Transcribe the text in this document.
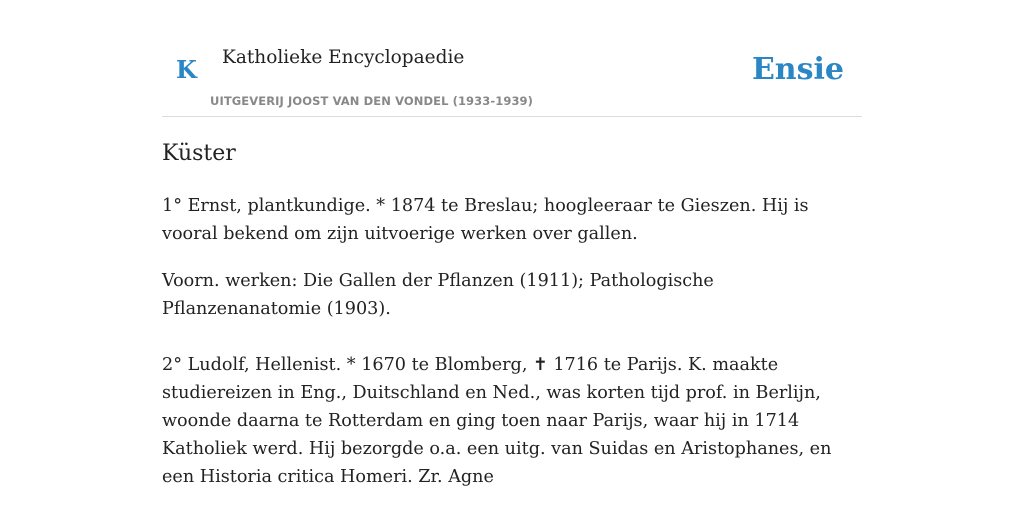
K Katholieke Encyclopaedie
UITGEVERIJ JOOST VAN DEN VONDEL (1933-1939)
Ensie
Küster

1° Ernst, plantkundige. * 1874 te Breslau; hoogleeraar te Gieszen. Hij is vooral bekend om zijn uitvoerige werken over gallen.

Voorn. werken: Die Gallen der Pflanzen (1911); Pathologische Pflanzenanatomie (1903).

2° Ludolf, Hellenist. * 1670 te Blomberg, ✝ 1716 te Parijs. K. maakte studiereizen in Eng., Duitschland en Ned., was korten tijd prof. in Berlijn, woonde daarna te Rotterdam en ging toen naar Parijs, waar hij in 1714 Katholiek werd. Hij bezorgde o.a. een uitg. van Suidas en Aristophanes, en een Historia critica Homeri. Zr. Agne
